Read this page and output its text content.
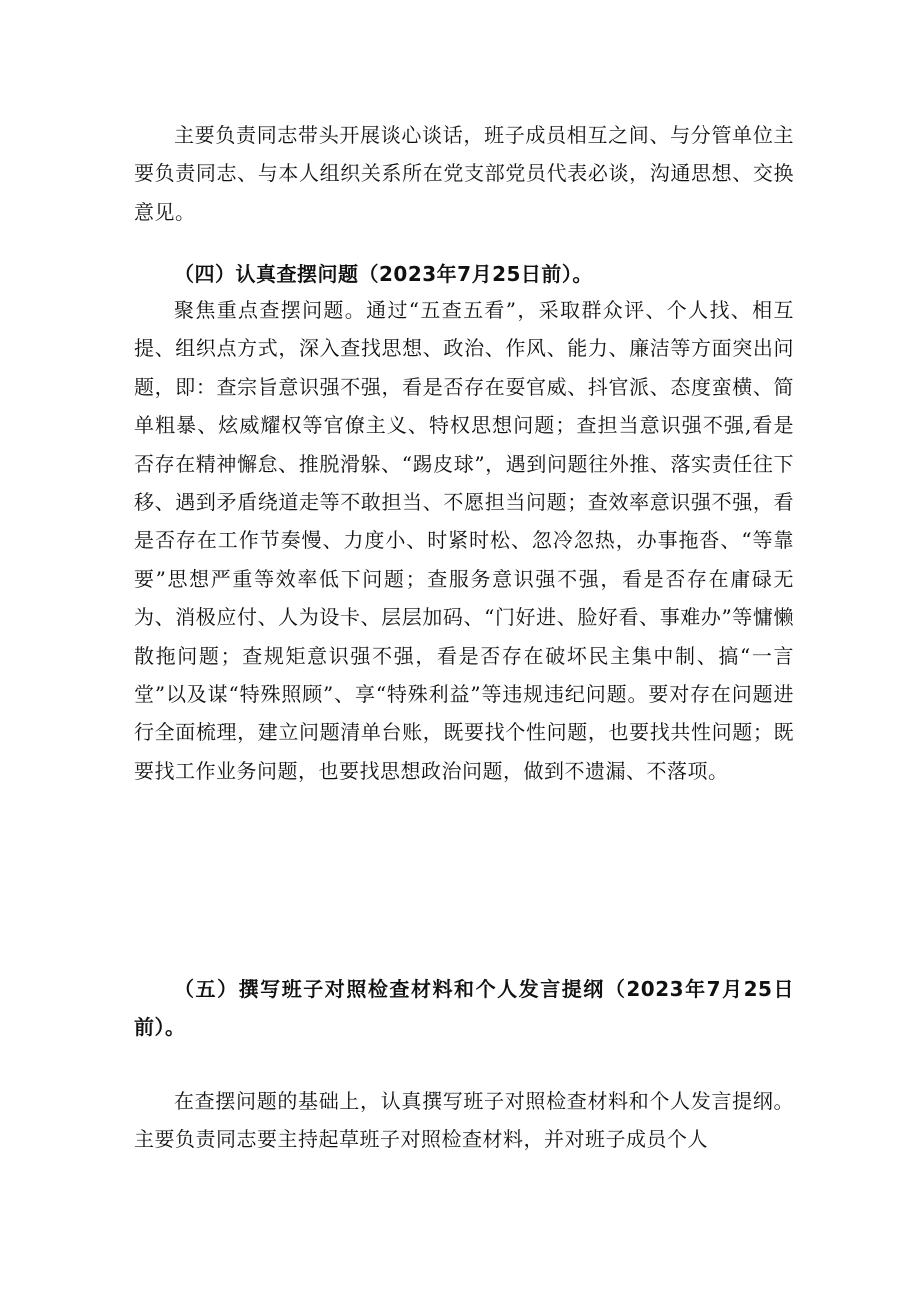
主要负责同志带头开展谈心谈话，班子成员相互之间、与分管单位主要负责同志、与本人组织关系所在党支部党员代表必谈，沟通思想、交换意见。

（四）认真查摆问题（2023年7月25日前）。

聚焦重点查摆问题。通过“五查五看”，采取群众评、个人找、相互提、组织点方式，深入查找思想、政治、作风、能力、廉洁等方面突出问题，即：查宗旨意识强不强，看是否存在耍官威、抖官派、态度蛮横、简单粗暴、炫威耀权等官僚主义、特权思想问题；查担当意识强不强,看是否存在精神懈怠、推脱滑躲、“踢皮球”，遇到问题往外推、落实责任往下移、遇到矛盾绕道走等不敢担当、不愿担当问题；查效率意识强不强，看是否存在工作节奏慢、力度小、时紧时松、忽冷忽热，办事拖沓、“等靠要”思想严重等效率低下问题；查服务意识强不强，看是否存在庸碌无为、消极应付、人为设卡、层层加码、“门好进、脸好看、事难办”等慵懒散拖问题；查规矩意识强不强，看是否存在破坏民主集中制、搞“一言堂”以及谋“特殊照顾”、享“特殊利益”等违规违纪问题。要对存在问题进行全面梳理，建立问题清单台账，既要找个性问题，也要找共性问题；既要找工作业务问题，也要找思想政治问题，做到不遗漏、不落项。

（五）撰写班子对照检查材料和个人发言提纲（2023年7月25日前）。

在查摆问题的基础上，认真撰写班子对照检查材料和个人发言提纲。主要负责同志要主持起草班子对照检查材料，并对班子成员个人
